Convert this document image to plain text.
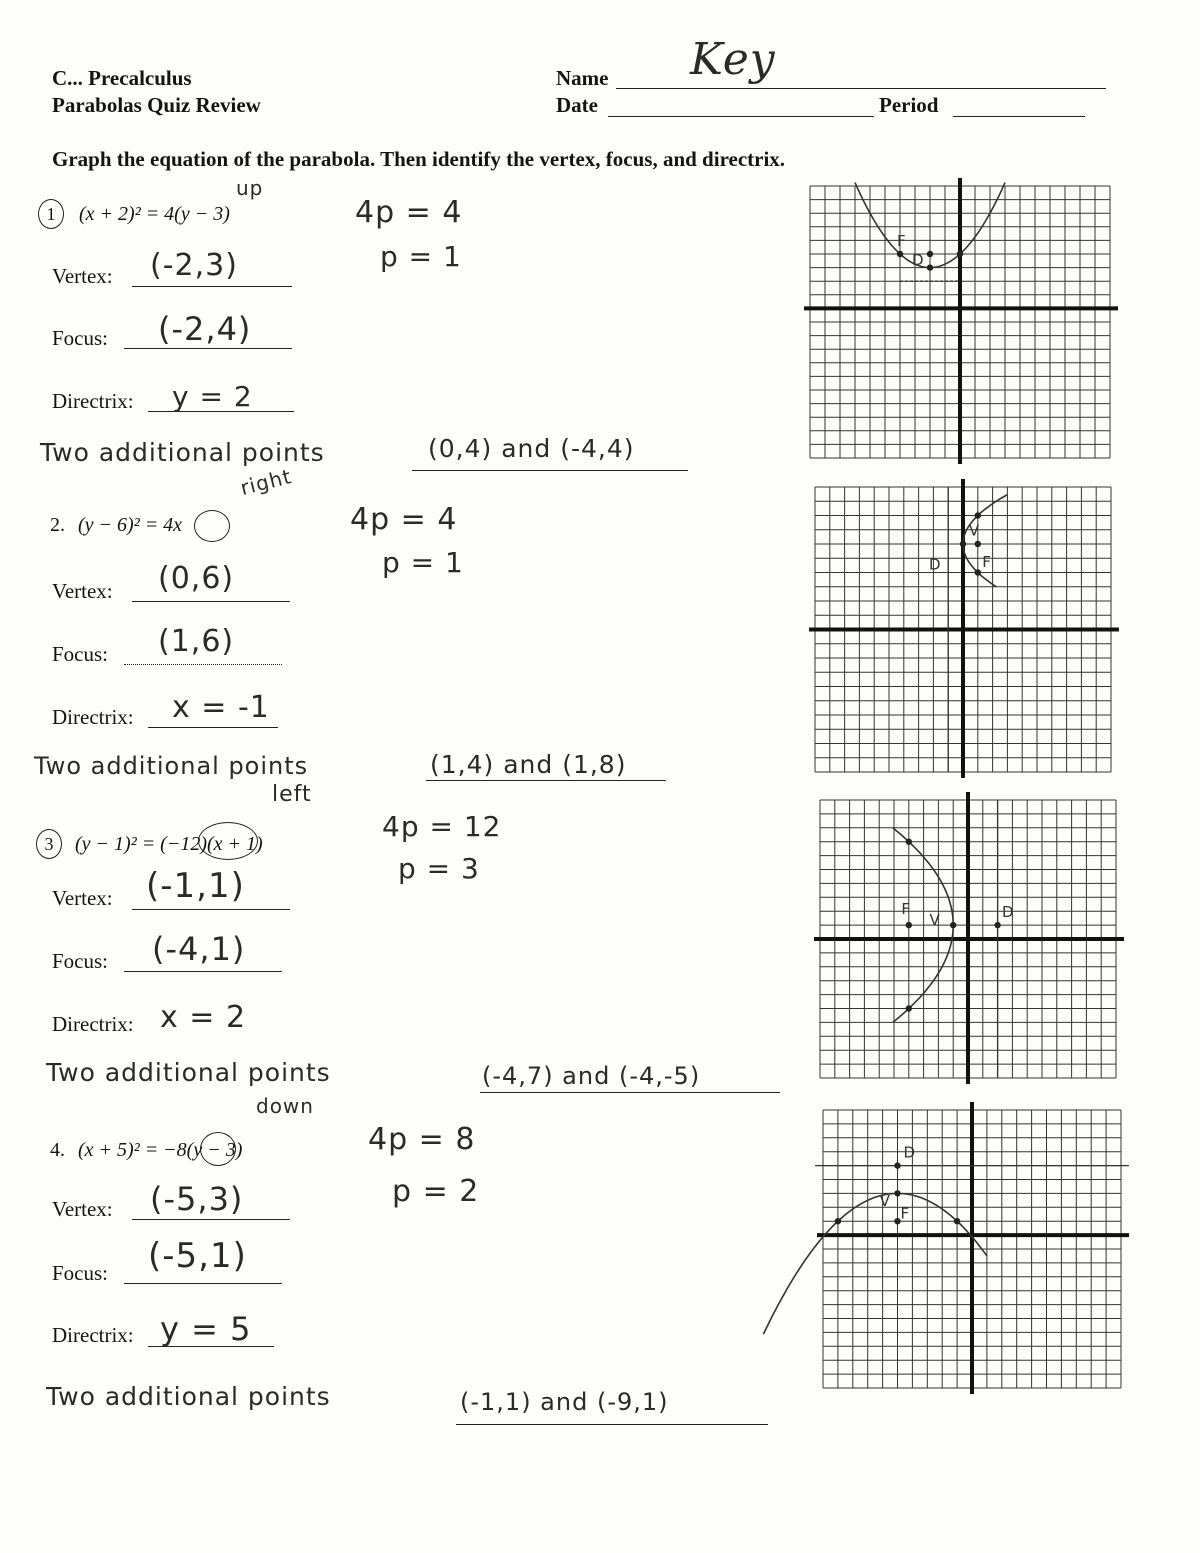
C... Precalculus
Parabolas Quiz Review
Name Key
Date	Period
Graph the equation of the parabola. Then identify the vertex, focus, and directrix.
1 (x + 2)² = 4(y − 3)
up
4p = 4
p = 1
Vertex: (-2,3)
Focus: (-2,4)
Directrix: y = 2
Two additional points	(0,4) and (-4,4)
2. (y − 6)² = 4x
right
4p = 4
p = 1
Vertex: (0,6)
Focus: (1,6)
Directrix: x = -1
Two additional points	(1,4) and (1,8)
3 (y − 1)² = (−12)(x + 1)
left
4p = 12
p = 3
Vertex: (-1,1)
Focus: (-4,1)
Directrix: x = 2
Two additional points	(-4,7) and (-4,-5)
4. (x + 5)² = −8(y − 3)
down
4p = 8
p = 2
Vertex: (-5,3)
Focus: (-5,1)
Directrix: y = 5
Two additional points	(-1,1) and (-9,1)
F
D
D
V
F
F
V	D
D
V
F
